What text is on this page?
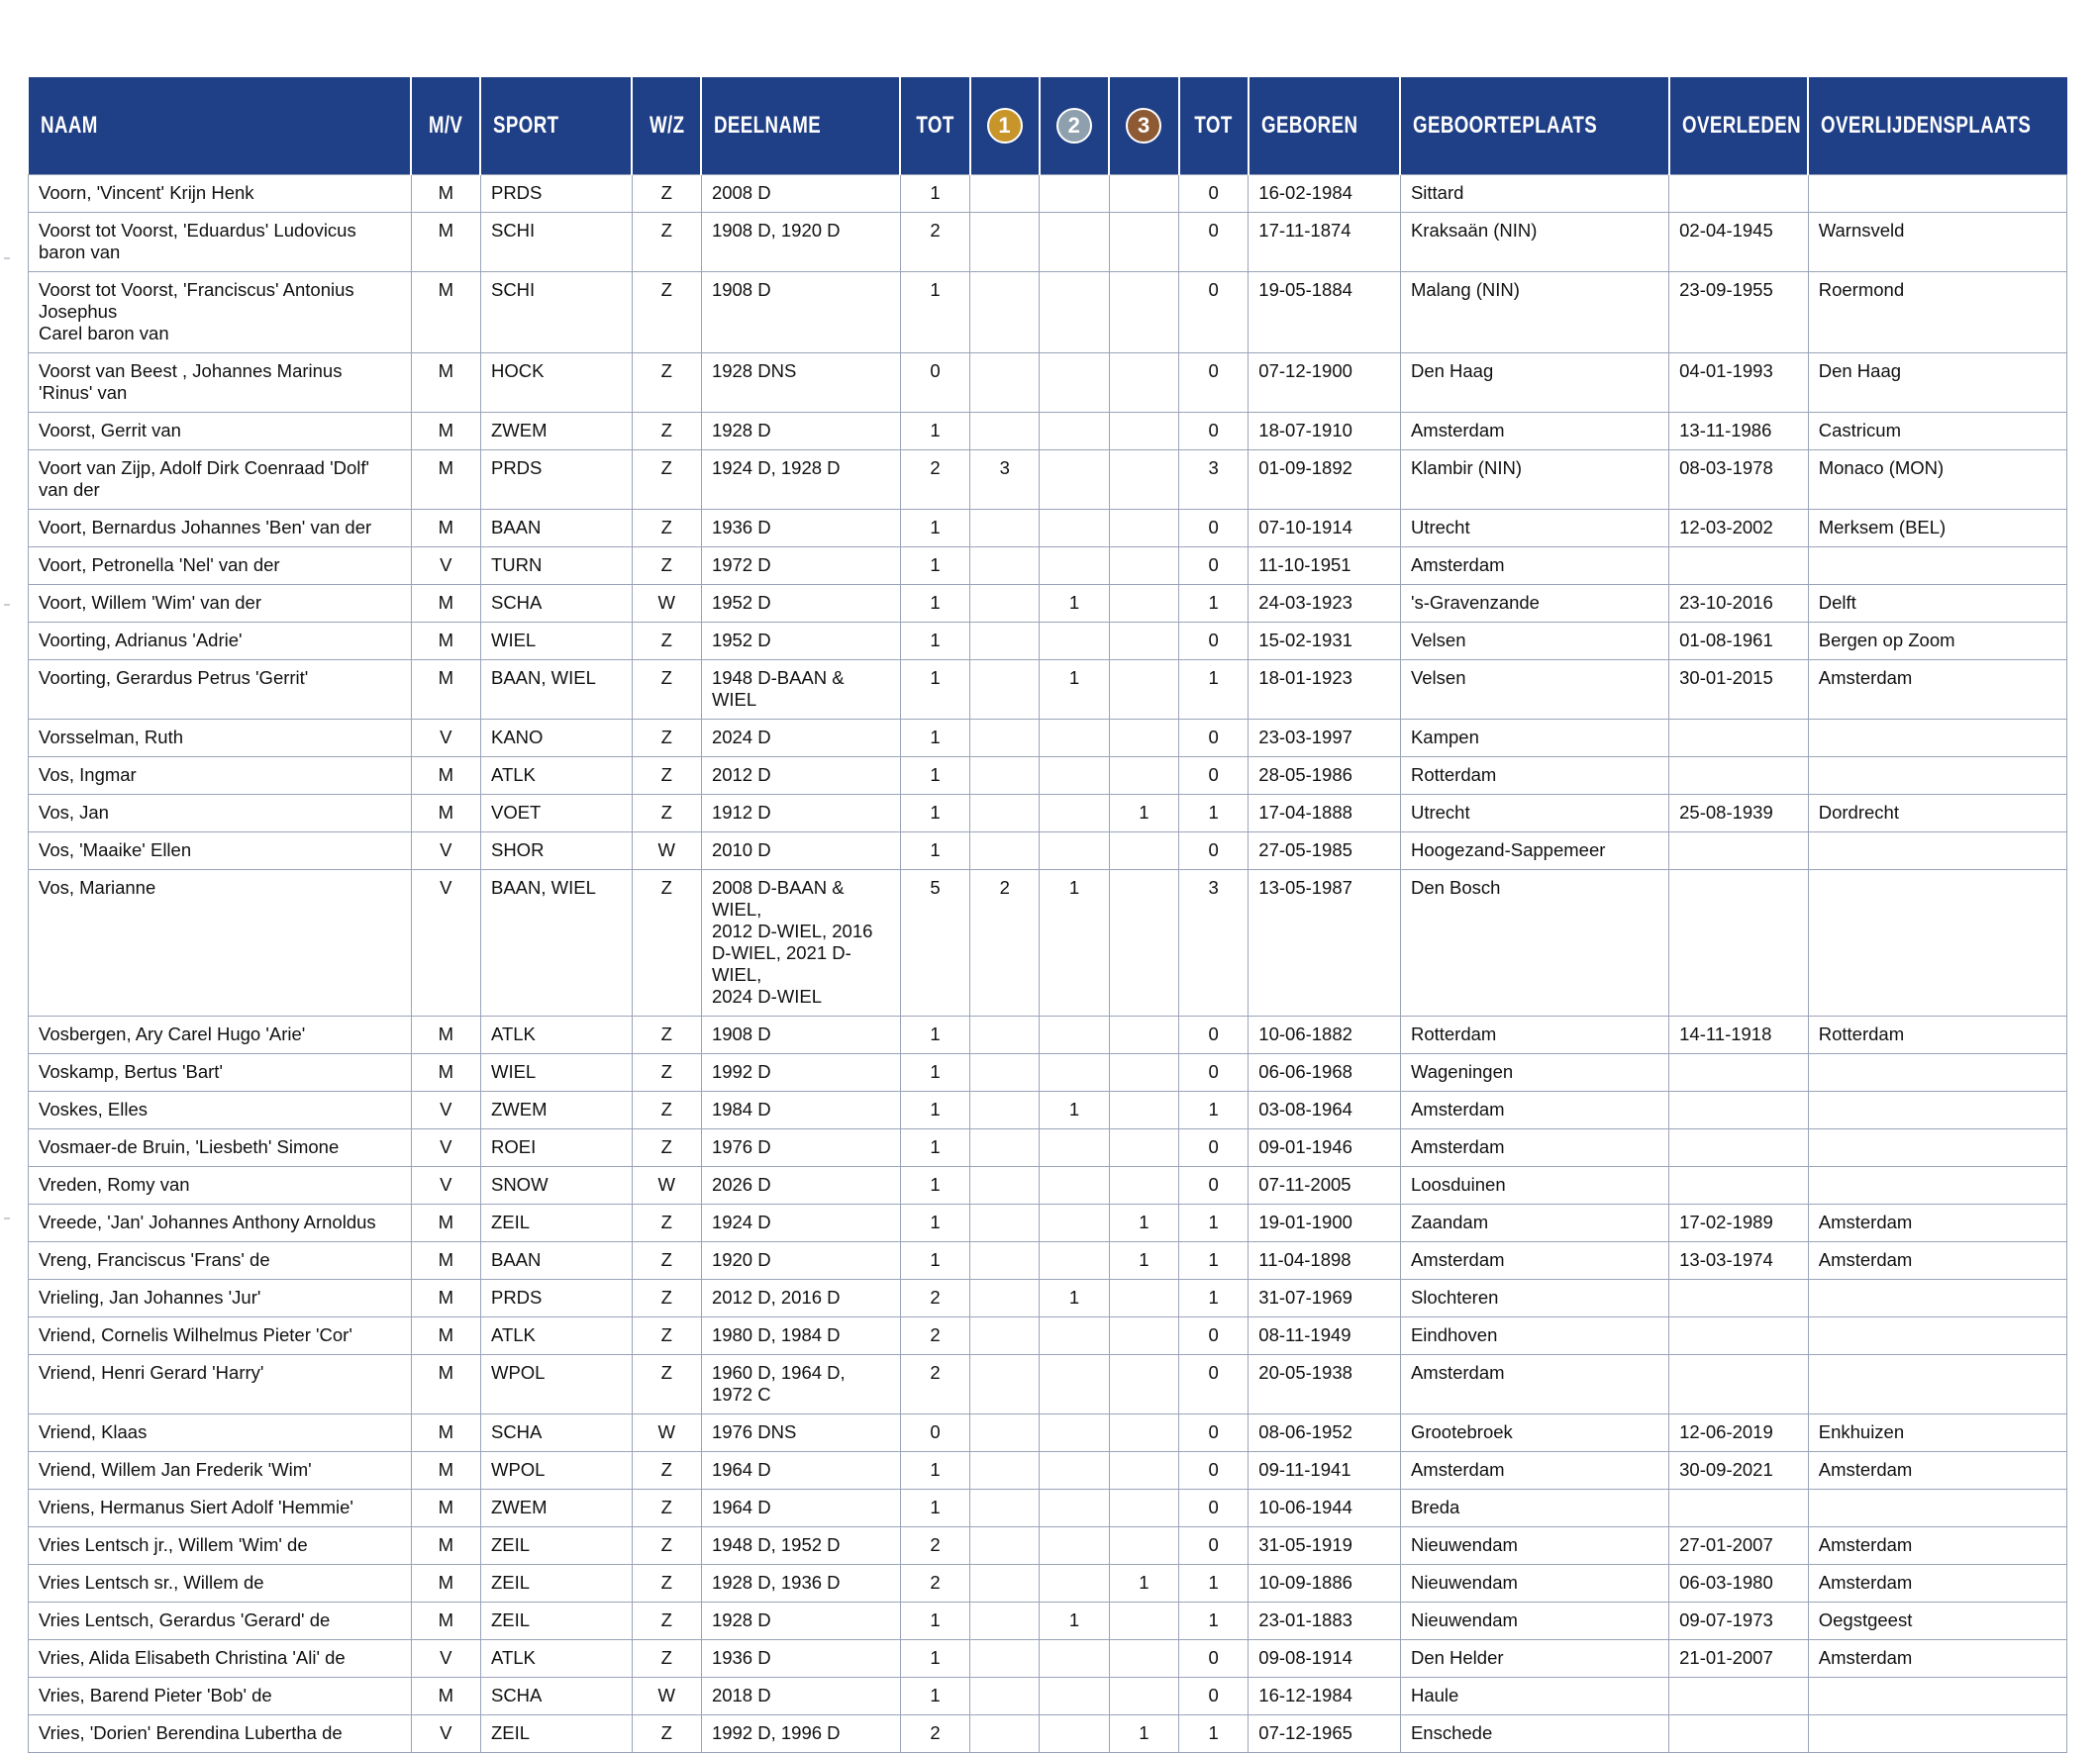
NAAM	M/V	SPORT	W/Z	DEELNAME	TOT	1	2	3	TOT	GEBOREN	GEBOORTEPLAATS	OVERLEDEN	OVERLIJDENSPLAATS
Voorn, 'Vincent' Krijn Henk	M	PRDS	Z	2008 D	1				0	16-02-1984	Sittard		
Voorst tot Voorst, 'Eduardus' Ludovicus baron van	M	SCHI	Z	1908 D, 1920 D	2				0	17-11-1874	Kraksaän (NIN)	02-04-1945	Warnsveld
Voorst tot Voorst, 'Franciscus' Antonius Josephus
Carel baron van	M	SCHI	Z	1908 D	1				0	19-05-1884	Malang (NIN)	23-09-1955	Roermond
Voorst van Beest , Johannes Marinus 'Rinus' van	M	HOCK	Z	1928 DNS	0				0	07-12-1900	Den Haag	04-01-1993	Den Haag
Voorst, Gerrit van	M	ZWEM	Z	1928 D	1				0	18-07-1910	Amsterdam	13-11-1986	Castricum
Voort van Zijp, Adolf Dirk Coenraad 'Dolf' van der	M	PRDS	Z	1924 D, 1928 D	2	3			3	01-09-1892	Klambir (NIN)	08-03-1978	Monaco (MON)
Voort, Bernardus Johannes 'Ben' van der	M	BAAN	Z	1936 D	1				0	07-10-1914	Utrecht	12-03-2002	Merksem (BEL)
Voort, Petronella 'Nel' van der	V	TURN	Z	1972 D	1				0	11-10-1951	Amsterdam		
Voort, Willem 'Wim' van der	M	SCHA	W	1952 D	1		1		1	24-03-1923	's-Gravenzande	23-10-2016	Delft
Voorting, Adrianus 'Adrie'	M	WIEL	Z	1952 D	1				0	15-02-1931	Velsen	01-08-1961	Bergen op Zoom
Voorting, Gerardus Petrus 'Gerrit'	M	BAAN, WIEL	Z	1948 D-BAAN & WIEL	1		1		1	18-01-1923	Velsen	30-01-2015	Amsterdam
Vorsselman, Ruth	V	KANO	Z	2024 D	1				0	23-03-1997	Kampen		
Vos, Ingmar	M	ATLK	Z	2012 D	1				0	28-05-1986	Rotterdam		
Vos, Jan	M	VOET	Z	1912 D	1			1	1	17-04-1888	Utrecht	25-08-1939	Dordrecht
Vos, 'Maaike' Ellen	V	SHOR	W	2010 D	1				0	27-05-1985	Hoogezand-Sappemeer		
Vos, Marianne	V	BAAN, WIEL	Z	2008 D-BAAN & WIEL,
2012 D-WIEL, 2016
D-WIEL, 2021 D-WIEL,
2024 D-WIEL	5	2	1		3	13-05-1987	Den Bosch		
Vosbergen, Ary Carel Hugo 'Arie'	M	ATLK	Z	1908 D	1				0	10-06-1882	Rotterdam	14-11-1918	Rotterdam
Voskamp, Bertus 'Bart'	M	WIEL	Z	1992 D	1				0	06-06-1968	Wageningen		
Voskes, Elles	V	ZWEM	Z	1984 D	1		1		1	03-08-1964	Amsterdam		
Vosmaer-de Bruin, 'Liesbeth' Simone	V	ROEI	Z	1976 D	1				0	09-01-1946	Amsterdam		
Vreden, Romy van	V	SNOW	W	2026 D	1				0	07-11-2005	Loosduinen		
Vreede, 'Jan' Johannes Anthony Arnoldus	M	ZEIL	Z	1924 D	1			1	1	19-01-1900	Zaandam	17-02-1989	Amsterdam
Vreng, Franciscus 'Frans' de	M	BAAN	Z	1920 D	1			1	1	11-04-1898	Amsterdam	13-03-1974	Amsterdam
Vrieling, Jan Johannes 'Jur'	M	PRDS	Z	2012 D, 2016 D	2		1		1	31-07-1969	Slochteren		
Vriend, Cornelis Wilhelmus Pieter 'Cor'	M	ATLK	Z	1980 D, 1984 D	2				0	08-11-1949	Eindhoven		
Vriend, Henri Gerard 'Harry'	M	WPOL	Z	1960 D, 1964 D, 1972 C	2				0	20-05-1938	Amsterdam		
Vriend, Klaas	M	SCHA	W	1976 DNS	0				0	08-06-1952	Grootebroek	12-06-2019	Enkhuizen
Vriend, Willem Jan Frederik 'Wim'	M	WPOL	Z	1964 D	1				0	09-11-1941	Amsterdam	30-09-2021	Amsterdam
Vriens, Hermanus Siert Adolf 'Hemmie'	M	ZWEM	Z	1964 D	1				0	10-06-1944	Breda		
Vries Lentsch jr., Willem 'Wim' de	M	ZEIL	Z	1948 D, 1952 D	2				0	31-05-1919	Nieuwendam	27-01-2007	Amsterdam
Vries Lentsch sr., Willem de	M	ZEIL	Z	1928 D, 1936 D	2			1	1	10-09-1886	Nieuwendam	06-03-1980	Amsterdam
Vries Lentsch, Gerardus 'Gerard' de	M	ZEIL	Z	1928 D	1		1		1	23-01-1883	Nieuwendam	09-07-1973	Oegstgeest
Vries, Alida Elisabeth Christina 'Ali' de	V	ATLK	Z	1936 D	1				0	09-08-1914	Den Helder	21-01-2007	Amsterdam
Vries, Barend Pieter 'Bob' de	M	SCHA	W	2018 D	1				0	16-12-1984	Haule		
Vries, 'Dorien' Berendina Lubertha de	V	ZEIL	Z	1992 D, 1996 D	2			1	1	07-12-1965	Enschede		
